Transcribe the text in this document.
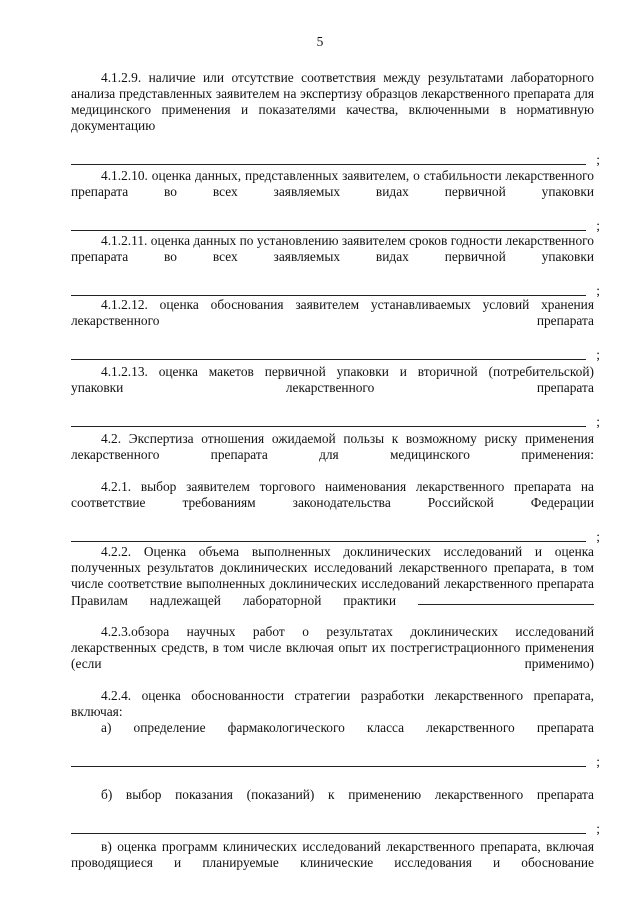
5
4.1.2.9. наличие или отсутствие соответствия между результатами лабораторного анализа представленных заявителем на экспертизу образцов лекарственного препарата для медицинского применения и показателями качества, включенными в нормативную документацию
;
4.1.2.10. оценка данных, представленных заявителем, о стабильности лекарственного препарата во всех заявляемых видах первичной упаковки
;
4.1.2.11. оценка данных по установлению заявителем сроков годности лекарственного препарата во всех заявляемых видах первичной упаковки
;
4.1.2.12. оценка обоснования заявителем устанавливаемых условий хранения лекарственного препарата
;
4.1.2.13. оценка макетов первичной упаковки и вторичной (потребительской) упаковки лекарственного препарата
;
4.2. Экспертиза отношения ожидаемой пользы к возможному риску применения лекарственного препарата для медицинского применения:
4.2.1. выбор заявителем торгового наименования лекарственного препарата на соответствие требованиям законодательства Российской Федерации
;
4.2.2. Оценка объема выполненных доклинических исследований и оценка полученных результатов доклинических исследований лекарственного препарата, в том числе соответствие выполненных доклинических исследований лекарственного препарата Правилам надлежащей лабораторной практики
4.2.3.обзора научных работ о результатах доклинических исследований лекарственных средств, в том числе включая опыт их пострегистрационного применения (если применимо)
4.2.4. оценка обоснованности стратегии разработки лекарственного препарата, включая:
а) определение фармакологического класса лекарственного препарата
;
б) выбор показания (показаний) к применению лекарственного препарата
;
в) оценка программ клинических исследований лекарственного препарата, включая проводящиеся и планируемые клинические исследования и обоснование
